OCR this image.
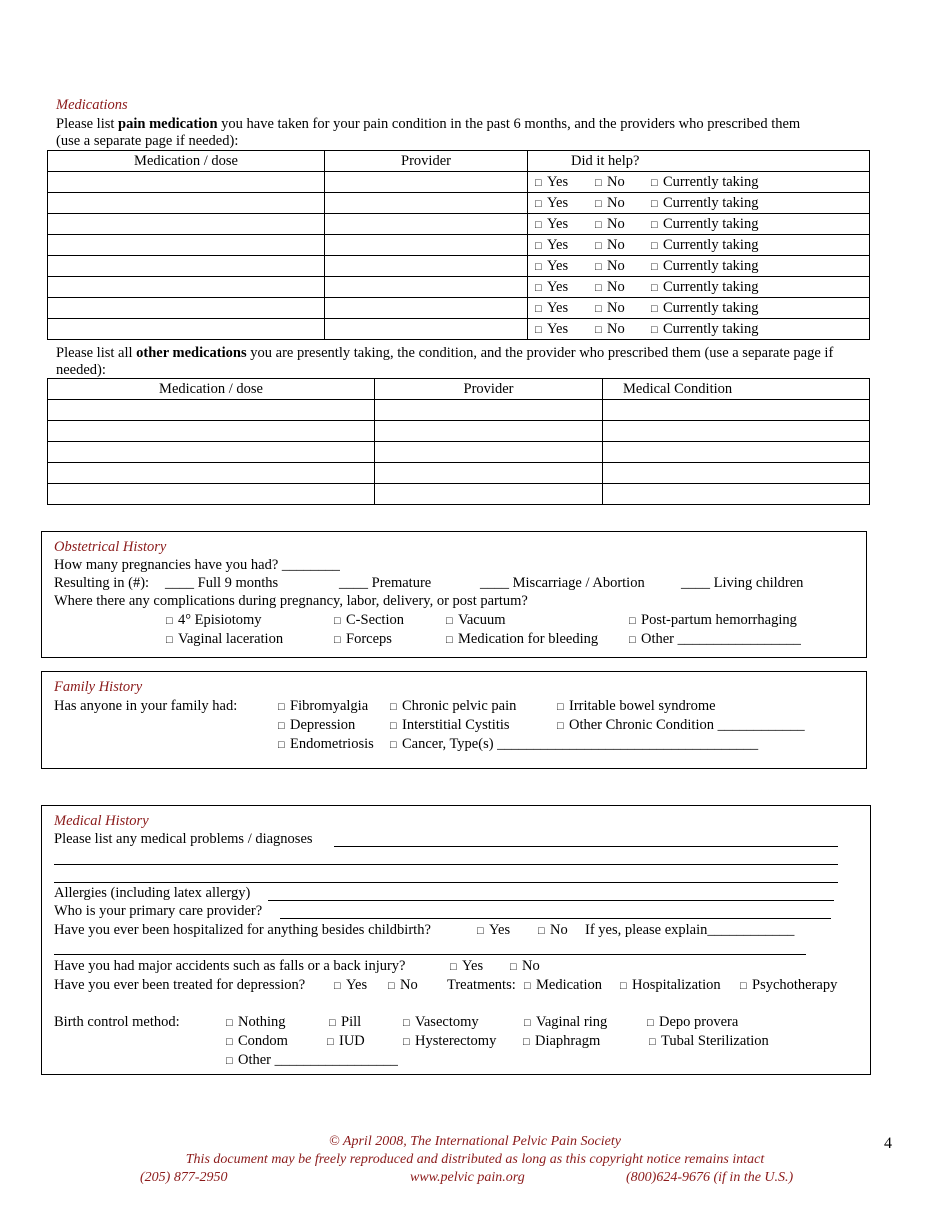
Medications
Please list pain medication you have taken for your pain condition in the past 6 months, and the providers who prescribed them
(use a separate page if needed):
Medication / dose	Provider	Did it help?

		□ Yes □ No □ Currently taking

		□ Yes □ No □ Currently taking

		□ Yes □ No □ Currently taking

		□ Yes □ No □ Currently taking

		□ Yes □ No □ Currently taking

		□ Yes □ No □ Currently taking

		□ Yes □ No □ Currently taking

		□ Yes □ No □ Currently taking
Please list all other medications you are presently taking, the condition, and the provider who prescribed them (use a separate page if
needed):
Medication / dose	Provider	Medical Condition

Obstetrical History
How many pregnancies have you had? ________
Resulting in (#): ____ Full 9 months	____ Premature	____ Miscarriage / Abortion	____ Living children
Where there any complications during pregnancy, labor, delivery, or post partum?
□ 4° Episiotomy	□ C-Section	□ Vacuum	□ Post-partum hemorrhaging
□ Vaginal laceration	□ Forceps	□ Medication for bleeding	□ Other _________________
Family History
Has anyone in your family had:	□ Fibromyalgia □ Chronic pelvic pain	□ Irritable bowel syndrome
□ Depression	□ Interstitial Cystitis	□ Other Chronic Condition ____________
□ Endometriosis □ Cancer, Type(s) ____________________________________
Medical History
Please list any medical problems / diagnoses
Allergies (including latex allergy)
Who is your primary care provider?
Have you ever been hospitalized for anything besides childbirth?	□ Yes	□ No If yes, please explain____________
Have you had major accidents such as falls or a back injury?	□ Yes □ No
Have you ever been treated for depression?	□ Yes □ No Treatments: □ Medication □ Hospitalization □ Psychotherapy
Birth control method:	□ Nothing	□ Pill	□ Vasectomy	□ Vaginal ring	□ Depo provera
□ Condom	□ IUD	□ Hysterectomy □ Diaphragm	□ Tubal Sterilization
□ Other _________________
© April 2008, The International Pelvic Pain Society
This document may be freely reproduced and distributed as long as this copyright notice remains intact
(205) 877-2950	www.pelvic pain.org	(800)624-9676 (if in the U.S.)
4
